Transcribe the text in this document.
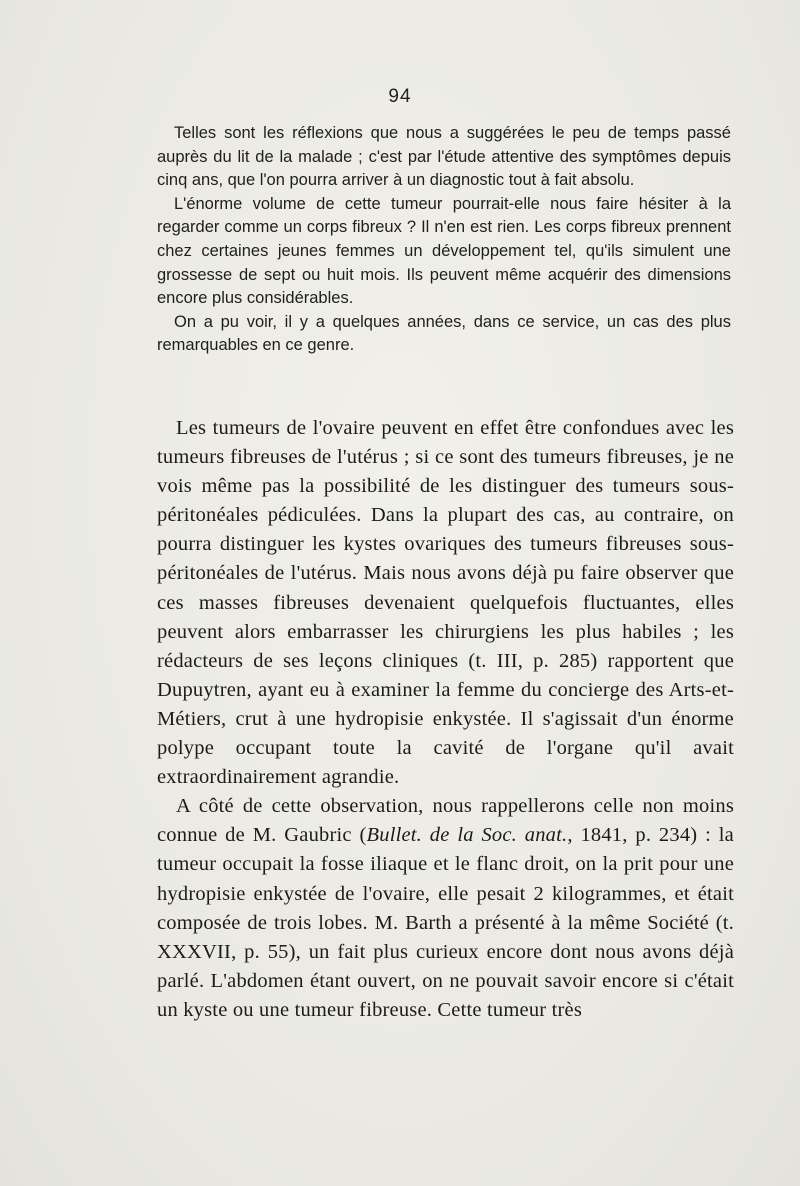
94

Telles sont les réflexions que nous a suggérées le peu de temps passé auprès du lit de la malade ; c'est par l'étude attentive des symptômes depuis cinq ans, que l'on pourra arriver à un diagnostic tout à fait absolu.

L'énorme volume de cette tumeur pourrait-elle nous faire hésiter à la regarder comme un corps fibreux ? Il n'en est rien. Les corps fibreux prennent chez certaines jeunes femmes un développement tel, qu'ils simulent une grossesse de sept ou huit mois. Ils peuvent même acquérir des dimensions encore plus considérables.

On a pu voir, il y a quelques années, dans ce service, un cas des plus remarquables en ce genre.

Les tumeurs de l'ovaire peuvent en effet être confondues avec les tumeurs fibreuses de l'utérus ; si ce sont des tumeurs fibreuses, je ne vois même pas la possibilité de les distinguer des tumeurs sous-péritonéales pédiculées. Dans la plupart des cas, au contraire, on pourra distinguer les kystes ovariques des tumeurs fibreuses sous-péritonéales de l'utérus. Mais nous avons déjà pu faire observer que ces masses fibreuses devenaient quelquefois fluctuantes, elles peuvent alors embarrasser les chirurgiens les plus habiles ; les rédacteurs de ses leçons cliniques (t. III, p. 285) rapportent que Dupuytren, ayant eu à examiner la femme du concierge des Arts-et-Métiers, crut à une hydropisie enkystée. Il s'agissait d'un énorme polype occupant toute la cavité de l'organe qu'il avait extraordinairement agrandie.

A côté de cette observation, nous rappellerons celle non moins connue de M. Gaubric (Bullet. de la Soc. anat., 1841, p. 234) : la tumeur occupait la fosse iliaque et le flanc droit, on la prit pour une hydropisie enkystée de l'ovaire, elle pesait 2 kilogrammes, et était composée de trois lobes. M. Barth a présenté à la même Société (t. XXXVII, p. 55), un fait plus curieux encore dont nous avons déjà parlé. L'abdomen étant ouvert, on ne pouvait savoir encore si c'était un kyste ou une tumeur fibreuse. Cette tumeur très
